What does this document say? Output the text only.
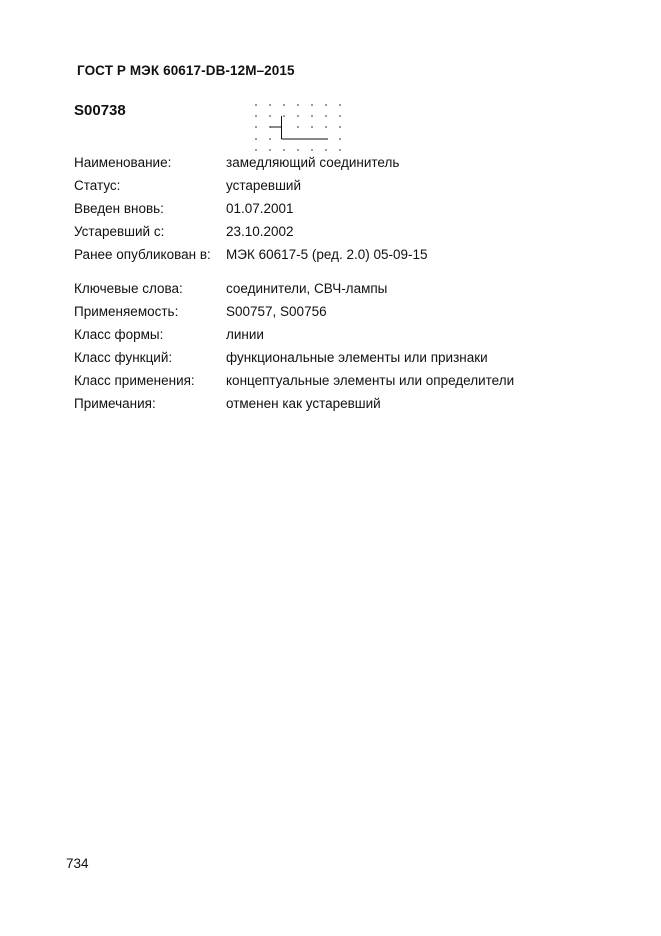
ГОСТ Р МЭК 60617-DB-12M–2015
S00738
Наименование:	замедляющий соединитель
Статус:	устаревший
Введен вновь:	01.07.2001
Устаревший с:	23.10.2002
Ранее опубликован в: МЭК 60617-5 (ред. 2.0) 05-09-15
Ключевые слова:	соединители, СВЧ-лампы
Применяемость:	S00757, S00756
Класс формы:	линии
Класс функций:	функциональные элементы или признаки
Класс применения: концептуальные элементы или определители
Примечания:	отменен как устаревший
734
